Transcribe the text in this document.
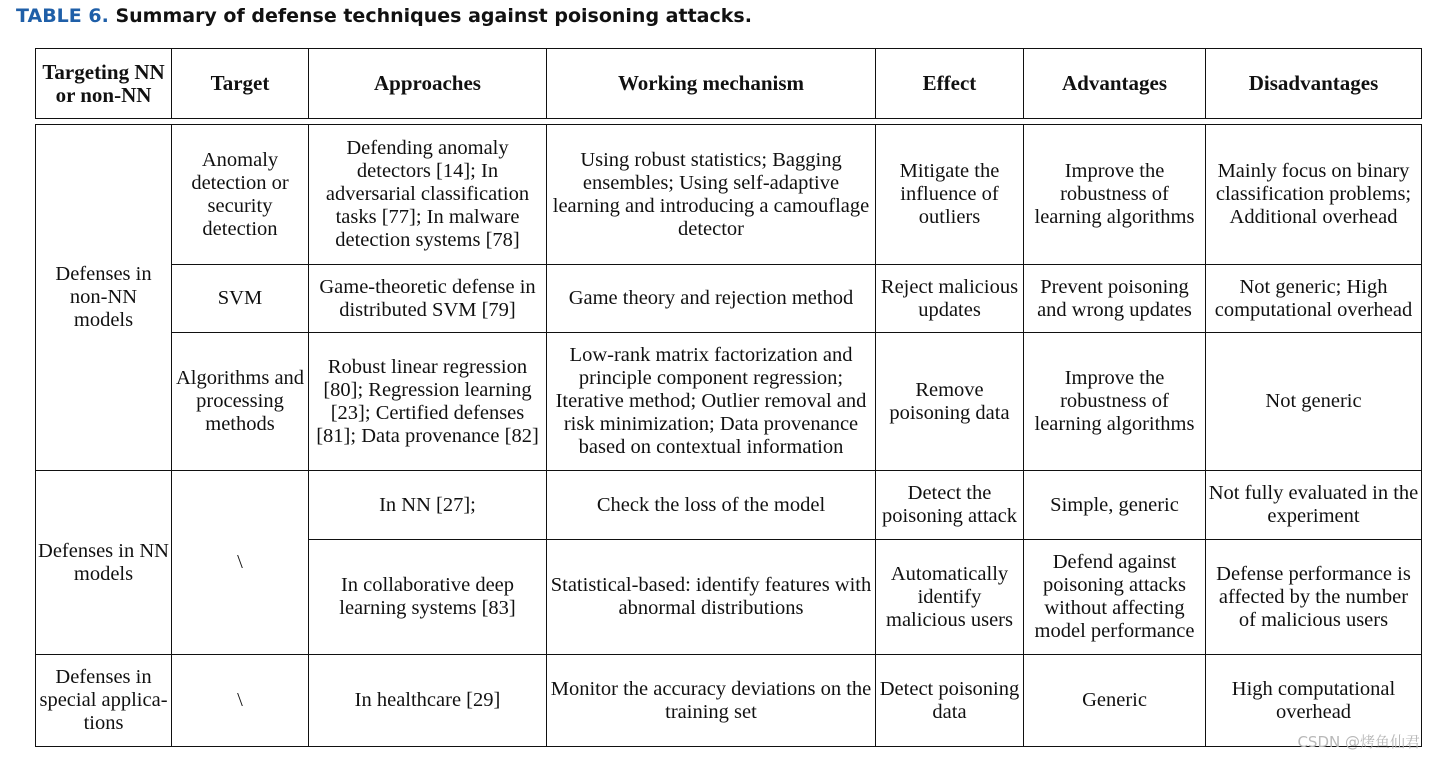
TABLE 6. Summary of defense techniques against poisoning attacks.
Targeting NN or non-NN	Target	Approaches	Working mechanism	Effect	Advantages	Disadvantages
Defenses in non-NN models	Anomaly detection or security detection	Defending anomaly detectors [14]; In adversarial classification tasks [77]; In malware detection systems [78]	Using robust statistics; Bagging ensembles; Using self-adaptive learning and introducing a camouflage detector	Mitigate the influence of outliers	Improve the robustness of learning algorithms	Mainly focus on binary classification problems; Additional overhead
	SVM	Game-theoretic defense in distributed SVM [79]	Game theory and rejection method	Reject malicious updates	Prevent poisoning and wrong updates	Not generic; High computational overhead
	Algorithms and processing methods	Robust linear regression [80]; Regression learning [23]; Certified defenses [81]; Data provenance [82]	Low-rank matrix factorization and principle component regression; Iterative method; Outlier removal and risk minimization; Data provenance based on contextual information	Remove poisoning data	Improve the robustness of learning algorithms	Not generic
Defenses in NN models	\	In NN [27];	Check the loss of the model	Detect the poisoning attack	Simple, generic	Not fully evaluated in the experiment
		In collaborative deep learning systems [83]	Statistical-based: identify features with abnormal distributions	Automatically identify malicious users	Defend against poisoning attacks without affecting model performance	Defense performance is affected by the number of malicious users
Defenses in special applica-tions	\	In healthcare [29]	Monitor the accuracy deviations on the training set	Detect poisoning data	Generic	High computational overhead
CSDN @烤鱼仙君
